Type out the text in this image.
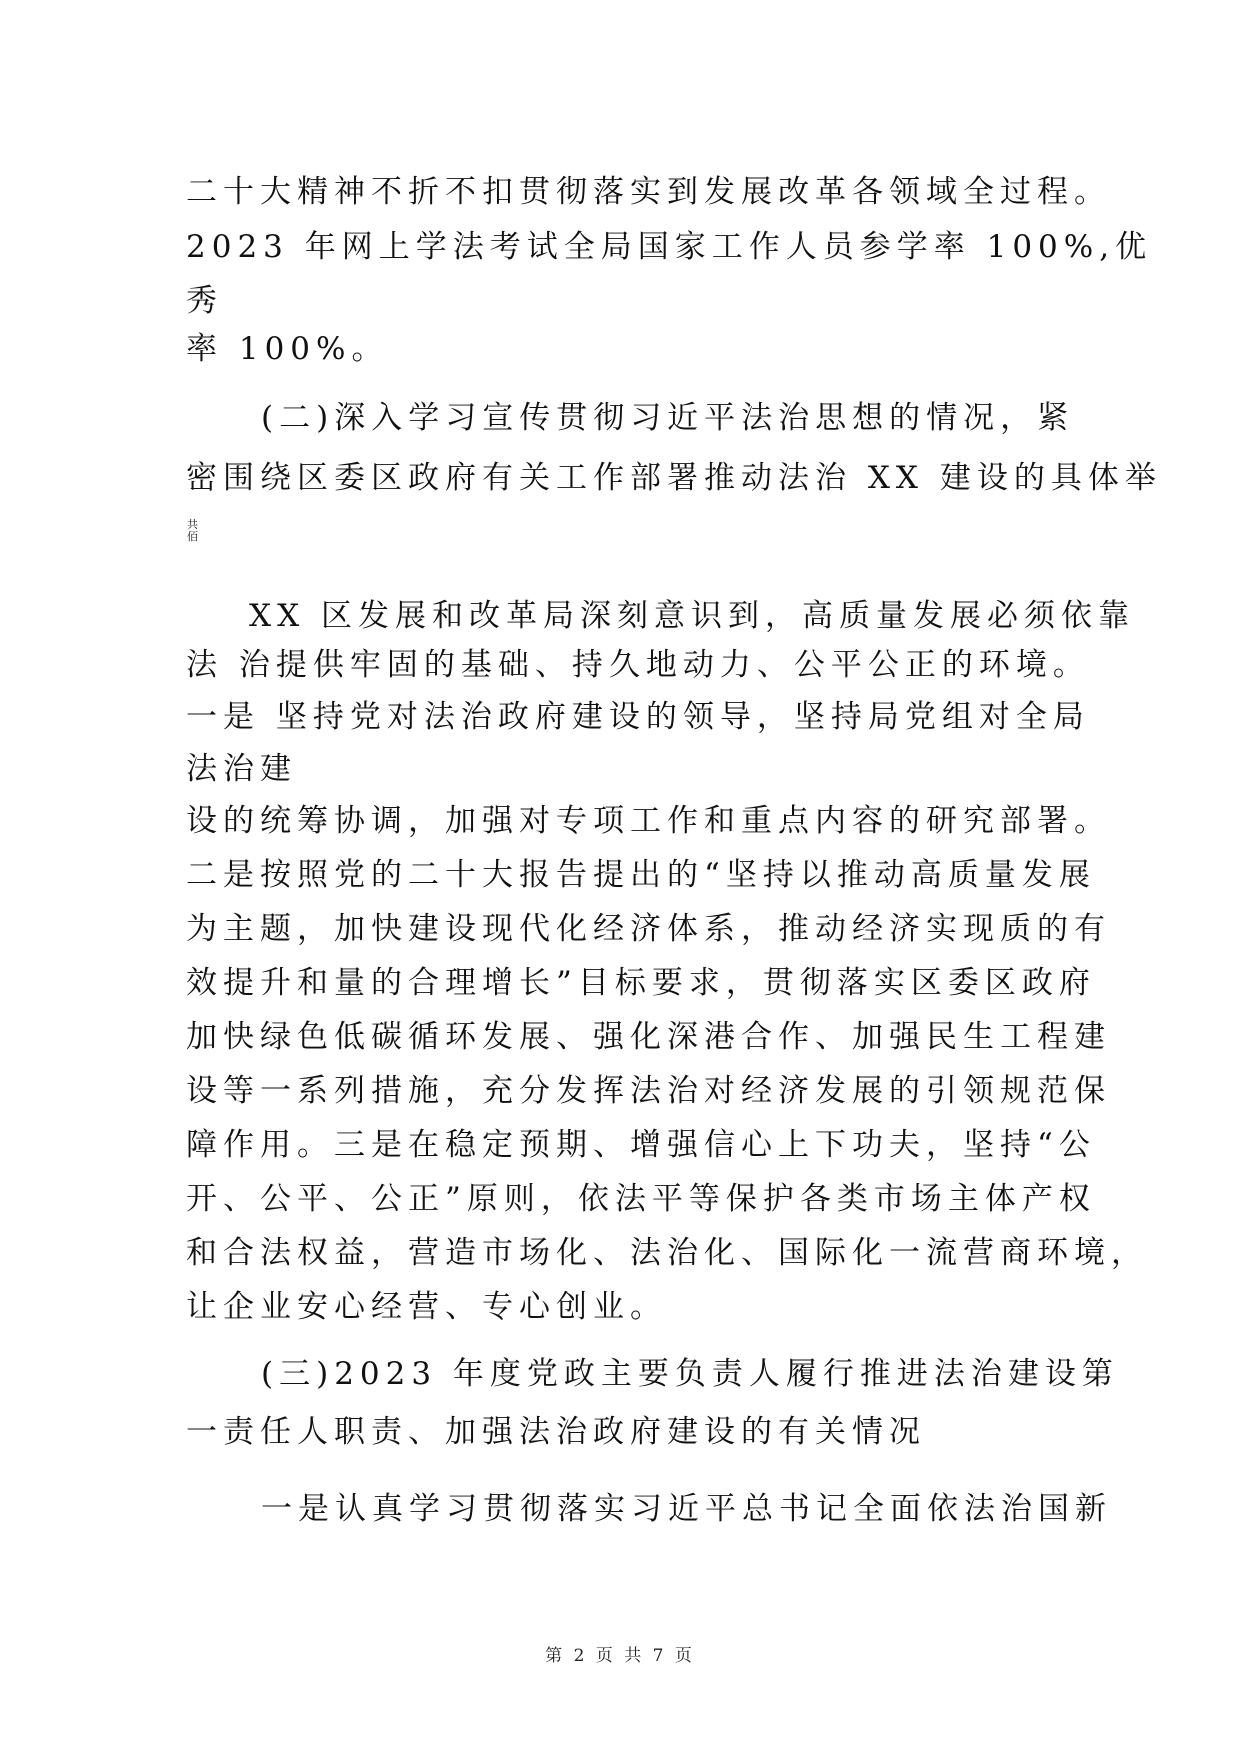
二十大精神不折不扣贯彻落实到发展改革各领域全过程。
2023 年网上学法考试全局国家工作人员参学率 100%,优
秀
率 100%。
(二)深入学习宣传贯彻习近平法治思想的情况，紧
密围绕区委区政府有关工作部署推动法治 XX 建设的具体举
共
佰
XX 区发展和改革局深刻意识到，高质量发展必须依靠
法 治提供牢固的基础、持久地动力、公平公正的环境。
一是 坚持党对法治政府建设的领导，坚持局党组对全局
法治建
设的统筹协调，加强对专项工作和重点内容的研究部署。
二是按照党的二十大报告提出的“坚持以推动高质量发展
为主题，加快建设现代化经济体系，推动经济实现质的有
效提升和量的合理增长”目标要求，贯彻落实区委区政府
加快绿色低碳循环发展、强化深港合作、加强民生工程建
设等一系列措施，充分发挥法治对经济发展的引领规范保
障作用。三是在稳定预期、增强信心上下功夫，坚持“公
开、公平、公正”原则，依法平等保护各类市场主体产权
和合法权益，营造市场化、法治化、国际化一流营商环境，
让企业安心经营、专心创业。
(三)2023 年度党政主要负责人履行推进法治建设第
一责任人职责、加强法治政府建设的有关情况
一是认真学习贯彻落实习近平总书记全面依法治国新
第 2 页 共 7 页
